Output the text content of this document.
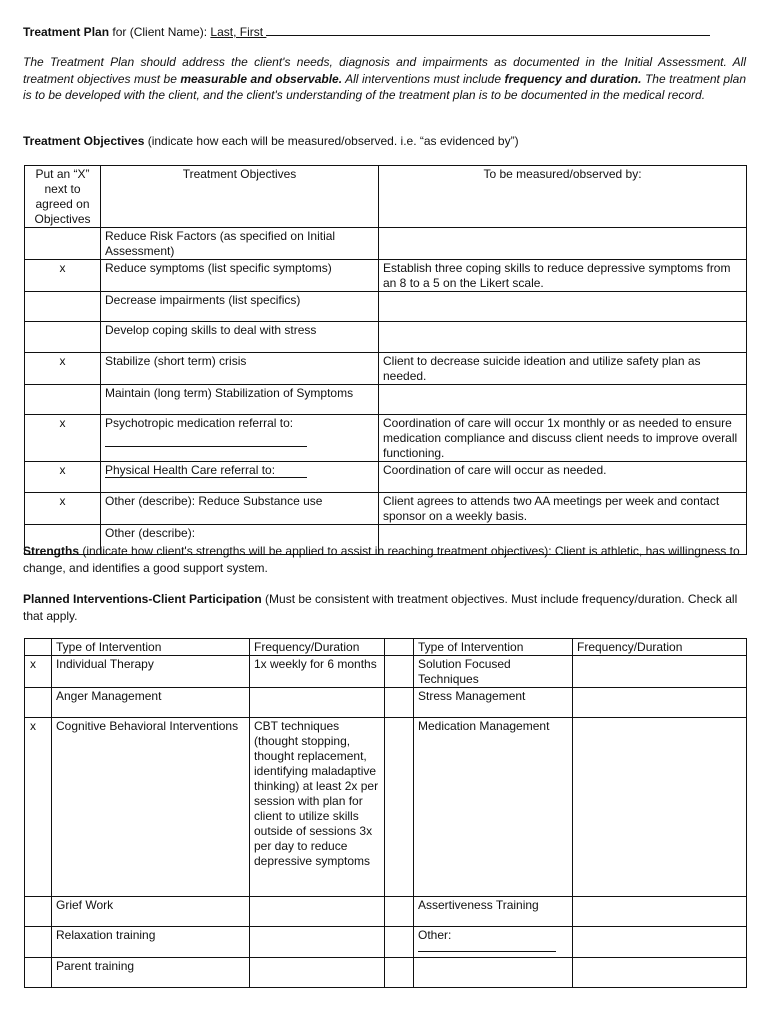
Treatment Plan for (Client Name): Last, First
The Treatment Plan should address the client's needs, diagnosis and impairments as documented in the Initial Assessment. All treatment objectives must be measurable and observable. All interventions must include frequency and duration. The treatment plan is to be developed with the client, and the client's understanding of the treatment plan is to be documented in the medical record.
Treatment Objectives (indicate how each will be measured/observed. i.e. “as evidenced by”)
Put an “X” next to agreed on Objectives	Treatment Objectives	To be measured/observed by:
	Reduce Risk Factors (as specified on Initial Assessment)	
x	Reduce symptoms (list specific symptoms)	Establish three coping skills to reduce depressive symptoms from an 8 to a 5 on the Likert scale.
	Decrease impairments (list specifics)	
	Develop coping skills to deal with stress	
x	Stabilize (short term) crisis	Client to decrease suicide ideation and utilize safety plan as needed.
	Maintain (long term) Stabilization of Symptoms	
x	Psychotropic medication referral to:	Coordination of care will occur 1x monthly or as needed to ensure medication compliance and discuss client needs to improve overall functioning.
x	Physical Health Care referral to:	Coordination of care will occur as needed.
x	Other (describe): Reduce Substance use	Client agrees to attends two AA meetings per week and contact sponsor on a weekly basis.
	Other (describe):	
Strengths (indicate how client's strengths will be applied to assist in reaching treatment objectives): Client is athletic, has willingness to change, and identifies a good support system.
Planned Interventions-Client Participation (Must be consistent with treatment objectives. Must include frequency/duration. Check all that apply.
	Type of Intervention	Frequency/Duration		Type of Intervention	Frequency/Duration
x	Individual Therapy	1x weekly for 6 months		Solution Focused Techniques	
	Anger Management			Stress Management	
x	Cognitive Behavioral Interventions	CBT techniques (thought stopping, thought replacement, identifying maladaptive thinking) at least 2x per session with plan for client to utilize skills outside of sessions 3x per day to reduce depressive symptoms		Medication Management	
	Grief Work			Assertiveness Training	
	Relaxation training			Other:	

	Parent training				
